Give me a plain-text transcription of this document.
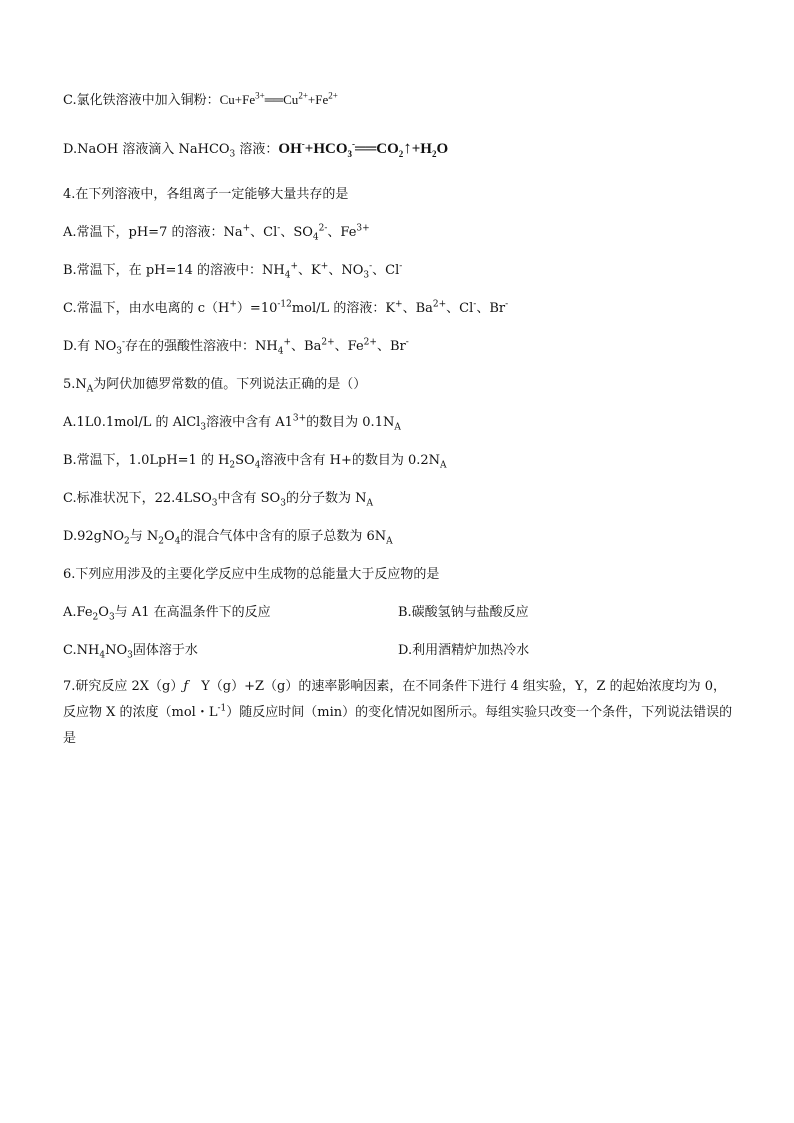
C.氯化铁溶液中加入铜粉：$Cu+Fe^{3+}══Cu^{2+}+Fe^{2+}$
D.NaOH 溶液滴入 NaHCO$_3$ 溶液：$OH^-+HCO_3^-══CO_2↑+H_2O$
4.在下列溶液中，各组离子一定能够大量共存的是
A.常温下，pH=7 的溶液：Na+、Cl-、$SO_4^{2-}$、$Fe^{3+}$
B.常温下，在 pH=14 的溶液中：$NH_4^+$、K+、$NO_3^-$、Cl-
C.常温下，由水电离的 $c(H^+)=10^{-12}mol/L$ 的溶液：K+、$Ba^{2+}$、Cl-、Br-
D.有 $NO_3^-$存在的强酸性溶液中：$NH_4^+$、$Ba^{2+}$、$Fe^{2+}$、Br-
$5.N_A$为阿伏加德罗常数的值。下列说法正确的是（）
A.1L0.1mol/L 的 AlCl$_3$溶液中含有 $A1^{3+}$的数目为 $0.1N_A$
B.常温下，1.0LpH=1 的 $H_2SO_4$溶液中含有 H+的数目为 $0.2N_A$
C.标准状况下，$22.4LSO_3$中含有 $SO_3$的分子数为 $N_A$
D.92gNO$_2$与 $N_2O_4$的混合气体中含有的原子总数为 $6N_A$
6.下列应用涉及的主要化学反应中生成物的总能量大于反应物的是
$A.Fe_2O_3$与 A1 在高温条件下的反应	B.碳酸氢钠与盐酸反应
$C.NH_4NO_3$固体溶于水	D.利用酒精炉加热冷水
7.研究反应 2X（g）ƒ　Y（g）+Z（g）的速率影响因素，在不同条件下进行 4 组实验，Y，Z 的起始浓度均为 0，反应物 X 的浓度（mol・$L^{-1}$）随反应时间（min）的变化情况如图所示。每组实验只改变一个条件，下列说法错误的是
